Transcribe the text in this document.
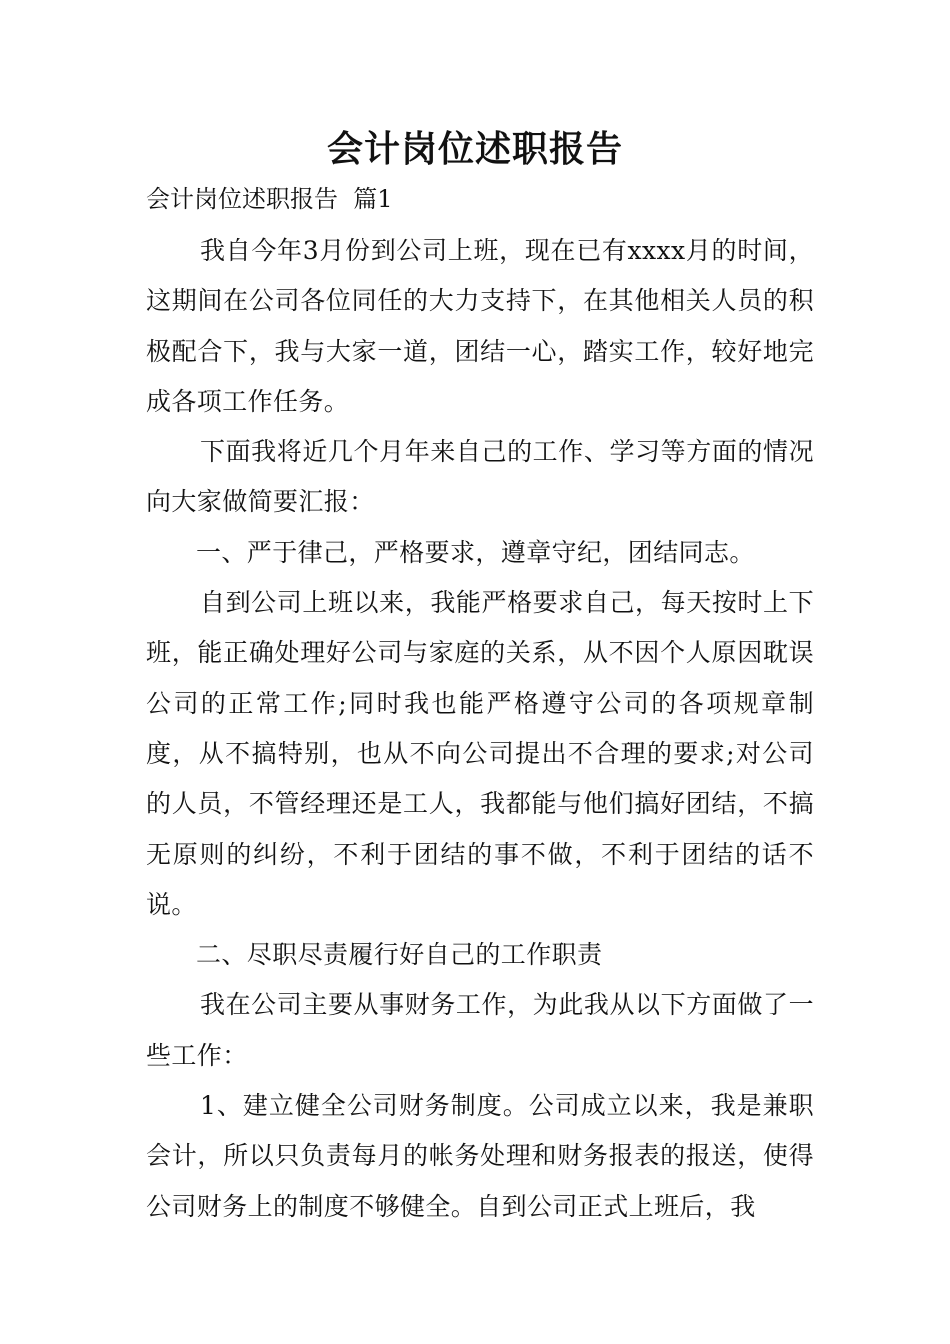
会计岗位述职报告
会计岗位述职报告  篇1

我自今年3月份到公司上班，现在已有xxxx月的时间，这期间在公司各位同任的大力支持下，在其他相关人员的积极配合下，我与大家一道，团结一心，踏实工作，较好地完成各项工作任务。

下面我将近几个月年来自己的工作、学习等方面的情况向大家做简要汇报：

一、严于律己，严格要求，遵章守纪，团结同志。

自到公司上班以来，我能严格要求自己，每天按时上下班，能正确处理好公司与家庭的关系，从不因个人原因耽误公司的正常工作;同时我也能严格遵守公司的各项规章制度，从不搞特别，也从不向公司提出不合理的要求;对公司的人员，不管经理还是工人，我都能与他们搞好团结，不搞无原则的纠纷，不利于团结的事不做，不利于团结的话不说。

二、尽职尽责履行好自己的工作职责

我在公司主要从事财务工作，为此我从以下方面做了一些工作：

1、建立健全公司财务制度。公司成立以来，我是兼职会计，所以只负责每月的帐务处理和财务报表的报送，使得公司财务上的制度不够健全。自到公司正式上班后，我
